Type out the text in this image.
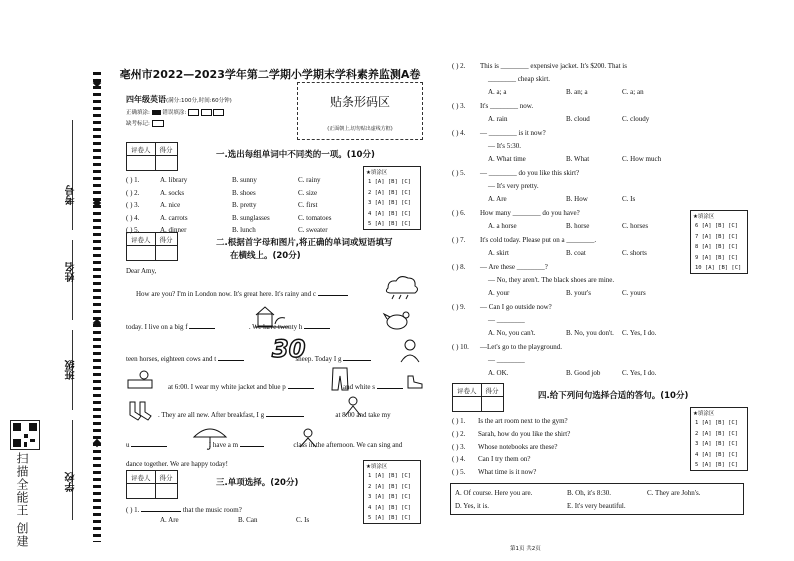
考号
姓名
班级
学校
扫描全能王 创建
亳州市2022—2023学年第二学期小学期末学科素养监测A卷
贴条形码区
(正面朝上,切勿贴出虚线方框)
四年级英语(满分:100分,时间:60分钟)
正确填涂: 错误填涂:
缺考标记:
评卷人	得分

一.选出每组单词中不同类的一项。(10分)
( ) 1.	A. library	B. sunny	C. rainy
( ) 2.	A. socks	B. shoes	C. size
( ) 3.	A. nice	B. pretty	C. first
( ) 4.	A. carrots	B. sunglasses	C. tomatoes
( ) 5.	A. dinner	B. lunch	C. sweater
★填涂区
1 [A] [B] [C]
2 [A] [B] [C]
3 [A] [B] [C]
4 [A] [B] [C]
5 [A] [B] [C]
评卷人	得分
		二.根据首字母和图片,将正确的单词或短语填写
在横线上。(20分)
Dear Amy,
How are you? I'm in London now. It's great here. It's rainy and c
today. I live on a big f	. We have twenty h
teen horses, eighteen cows and t	sheep. Today I g
30
at 6:00. I wear my white jacket and blue p	and white s
. They are all new. After breakfast, I g	at 8:00 and take my
u	I have a m	class in the afternoon. We can sing and
dance together. We are happy today!
评卷人	得分

三.单项选择。(20分)
★填涂区
1 [A] [B] [C]
2 [A] [B] [C]
3 [A] [B] [C]
4 [A] [B] [C]
5 [A] [B] [C]
( ) 1.	that the music room?
A. Are	B. Can	C. Is
( ) 2. This is ________ expensive jacket. It's $200. That is
________ cheap skirt.
A. a; a	B. an; a	C. a; an
( ) 3. It's ________ now.
A. rain	B. cloud	C. cloudy
( ) 4. — ________ is it now?
— It's 5:30.
A. What time	B. What	C. How much
( ) 5. — ________ do you like this skirt?
— It's very pretty.
A. Are	B. How	C. Is
( ) 6. How many ________ do you have?
A. a horse	B. horse	C. horses
( ) 7. It's cold today. Please put on a ________.
A. skirt	B. coat	C. shorts
( ) 8. — Are these ________?
— No, they aren't. The black shoes are mine.
A. your	B. your's	C. yours
( ) 9. — Can I go outside now?
— ________
A. No, you can't.	B. No, you don't. C. Yes, I do.
( ) 10. —Let's go to the playground.
— ________
A. OK.	B. Good job	C. Yes, I do.
★填涂区
6 [A] [B] [C]
7 [A] [B] [C]
8 [A] [B] [C]
9 [A] [B] [C]
10 [A] [B] [C]
评卷人	得分

四.给下列问句选择合适的答句。(10分)
( ) 1. Is the art room next to the gym?
( ) 2. Sarah, how do you like the shirt?
( ) 3. Whose notebooks are these?
( ) 4. Can I try them on?
( ) 5. What time is it now?
★填涂区
1 [A] [B] [C]
2 [A] [B] [C]
3 [A] [B] [C]
4 [A] [B] [C]
5 [A] [B] [C]
A. Of course. Here you are.	B. Oh, it's 8:30.	C. They are John's.
D. Yes, it is.	E. It's very beautiful.
第1页 共2页
